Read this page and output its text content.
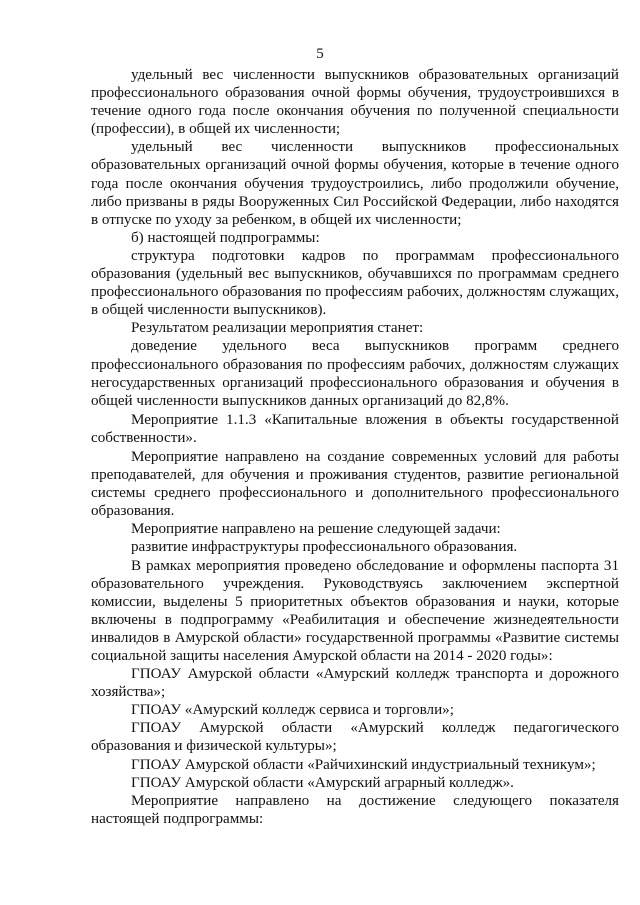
5

удельный вес численности выпускников образовательных организаций профессионального образования очной формы обучения, трудоустроившихся в течение одного года после окончания обучения по полученной специальности (профессии), в общей их численности;

удельный вес численности выпускников профессиональных образовательных организаций очной формы обучения, которые в течение одного года после окончания обучения трудоустроились, либо продолжили обучение, либо призваны в ряды Вооруженных Сил Российской Федерации, либо находятся в отпуске по уходу за ребенком, в общей их численности;

б) настоящей подпрограммы:

структура подготовки кадров по программам профессионального образования (удельный вес выпускников, обучавшихся по программам среднего профессионального образования по профессиям рабочих, должностям служащих, в общей численности выпускников).

Результатом реализации мероприятия станет:

доведение удельного веса выпускников программ среднего профессионального образования по профессиям рабочих, должностям служащих негосударственных организаций профессионального образования и обучения в общей численности выпускников данных организаций до 82,8%.

Мероприятие 1.1.3 «Капитальные вложения в объекты государственной собственности».

Мероприятие направлено на создание современных условий для работы преподавателей, для обучения и проживания студентов, развитие региональной системы среднего профессионального и дополнительного профессионального образования.

Мероприятие направлено на решение следующей задачи:

развитие инфраструктуры профессионального образования.

В рамках мероприятия проведено обследование и оформлены паспорта 31 образовательного учреждения. Руководствуясь заключением экспертной комиссии, выделены 5 приоритетных объектов образования и науки, которые включены в подпрограмму «Реабилитация и обеспечение жизнедеятельности инвалидов в Амурской области» государственной программы «Развитие системы социальной защиты населения Амурской области на 2014 - 2020 годы»:

ГПОАУ Амурской области «Амурский колледж транспорта и дорожного хозяйства»;

ГПОАУ «Амурский колледж сервиса и торговли»;

ГПОАУ Амурской области «Амурский колледж педагогического образования и физической культуры»;

ГПОАУ Амурской области «Райчихинский индустриальный техникум»;

ГПОАУ Амурской области «Амурский аграрный колледж».

Мероприятие направлено на достижение следующего показателя настоящей подпрограммы:
